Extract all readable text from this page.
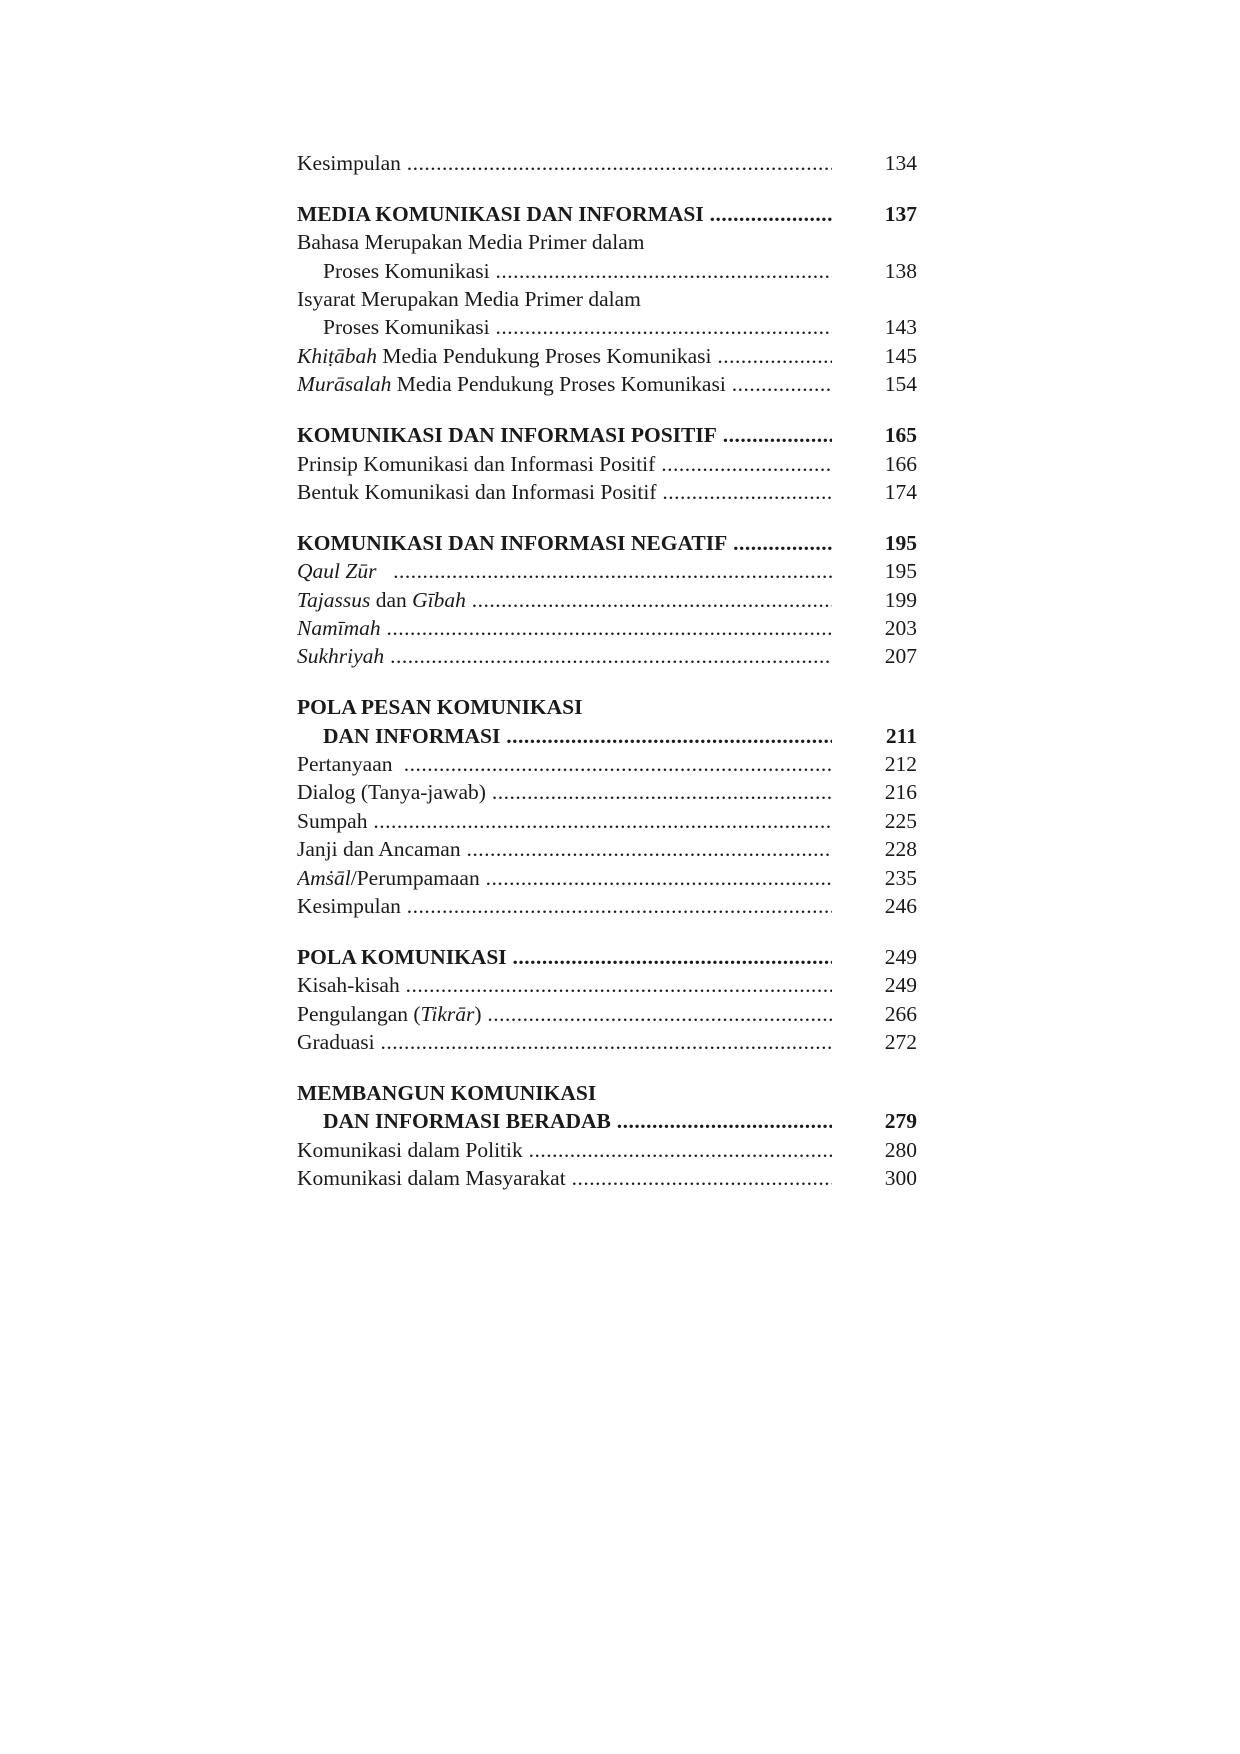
Kesimpulan .....	134
MEDIA KOMUNIKASI DAN INFORMASI .....	137
Bahasa Merupakan Media Primer dalam
Proses Komunikasi .....	138
Isyarat Merupakan Media Primer dalam
Proses Komunikasi .....	143
Khiṭābah Media Pendukung Proses Komunikasi .....	145
Murāsalah Media Pendukung Proses Komunikasi .....	154
KOMUNIKASI DAN INFORMASI POSITIF .....	165
Prinsip Komunikasi dan Informasi Positif .....	166
Bentuk Komunikasi dan Informasi Positif .....	174
KOMUNIKASI DAN INFORMASI NEGATIF .....	195
Qaul Zūr   .....	195
Tajassus dan Gībah .....	199
Namīmah .....	203
Sukhriyah .....	207
POLA PESAN KOMUNIKASI
DAN INFORMASI .....	211
Pertanyaan  .....	212
Dialog (Tanya-jawab) .....	216
Sumpah .....	225
Janji dan Ancaman .....	228
Amṡāl/Perumpamaan .....	235
Kesimpulan .....	246
POLA KOMUNIKASI .....	249
Kisah-kisah .....	249
Pengulangan (Tikrār) .....	266
Graduasi .....	272
MEMBANGUN KOMUNIKASI
DAN INFORMASI BERADAB .....	279
Komunikasi dalam Politik .....	280
Komunikasi dalam Masyarakat .....	300
